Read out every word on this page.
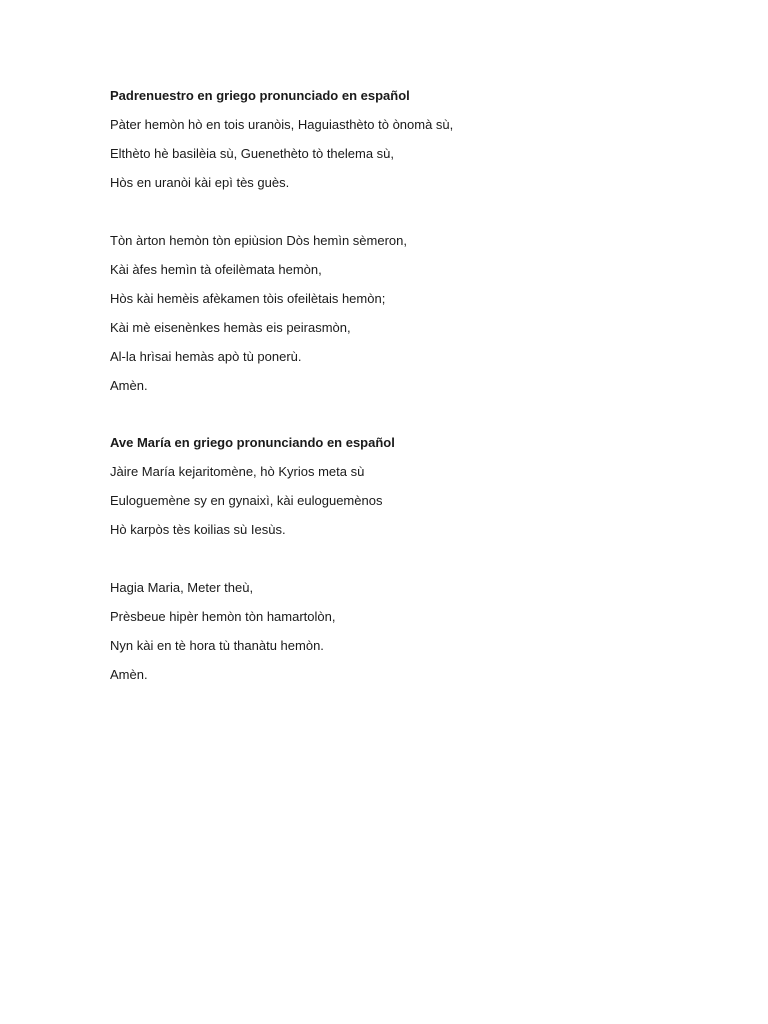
Padrenuestro en griego pronunciado en español
Pàter hemòn hò en tois uranòis, Haguiasthèto tò ònomà sù,
Elthèto hè basilèia sù, Guenethèto tò thelema sù,
Hòs en uranòi kài epì tès guès.
Tòn àrton hemòn tòn epiùsion Dòs hemìn sèmeron,
Kài àfes hemìn tà ofeilèmata hemòn,
Hòs kài hemèis afèkamen tòis ofeilètais hemòn;
Kài mè eisenènkes hemàs eis peirasmòn,
Al-la hrìsai hemàs apò tù ponerù.
Amèn.
Ave María en griego pronunciando en español
Jàire María kejaritomène, hò Kyrios meta sù
Euloguemène sy en gynaixì, kài euloguemènos
Hò karpòs tès koilias sù Iesùs.
Hagia Maria, Meter theù,
Prèsbeue hipèr hemòn tòn hamartolòn,
Nyn kài en tè hora tù thanàtu hemòn.
Amèn.
